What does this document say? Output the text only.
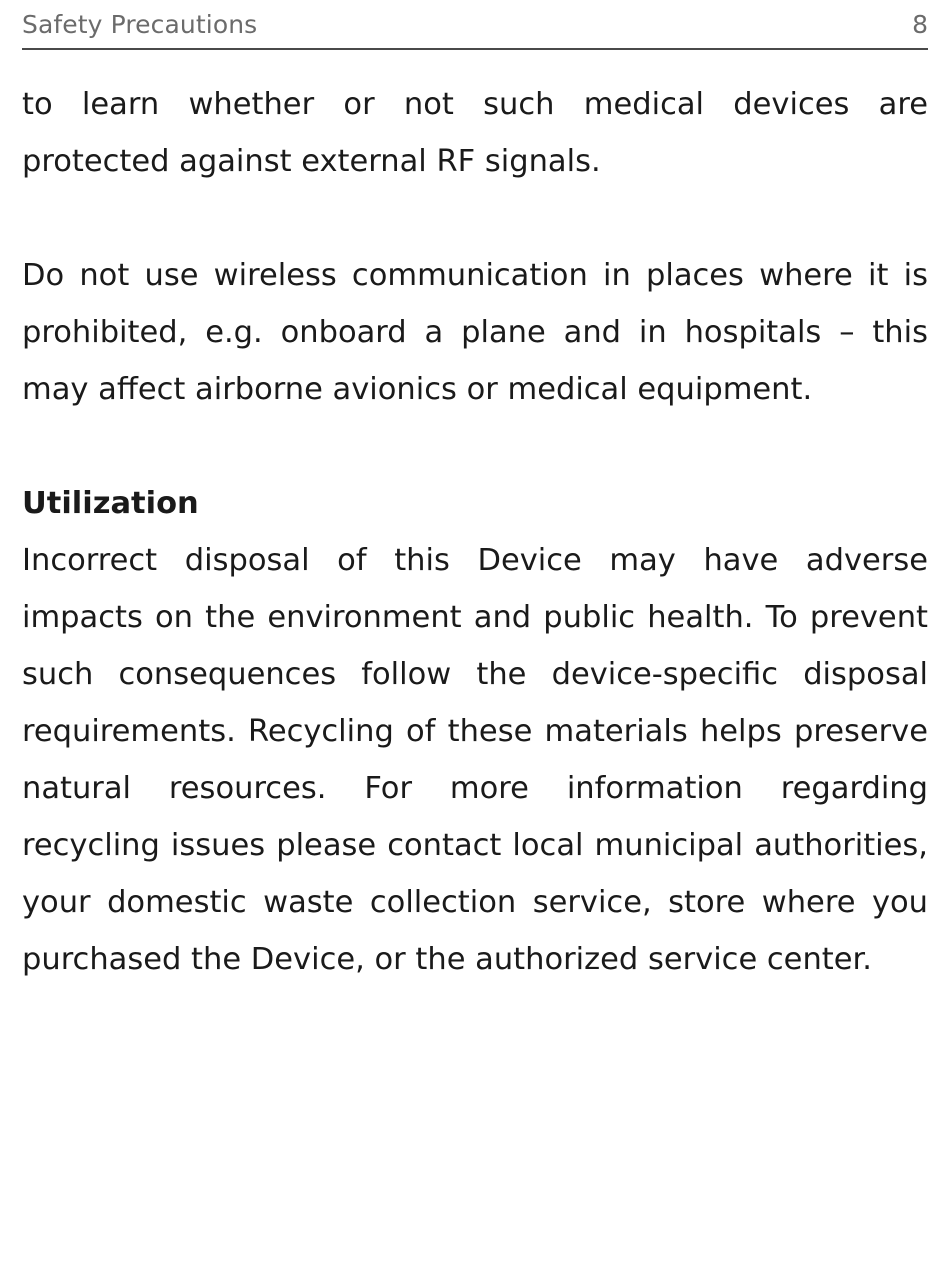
Safety Precautions	8

to learn whether or not such medical devices are protected against external RF signals.

Do not use wireless communication in places where it is prohibited, e.g. onboard a plane and in hospitals – this may affect airborne avionics or medical equipment.

Utilization

Incorrect disposal of this Device may have adverse impacts on the environment and public health. To prevent such consequences follow the device-specific disposal requirements. Recycling of these materials helps preserve natural resources. For more information regarding recycling issues please contact local municipal authorities, your domestic waste collection service, store where you purchased the Device, or the authorized service center.
